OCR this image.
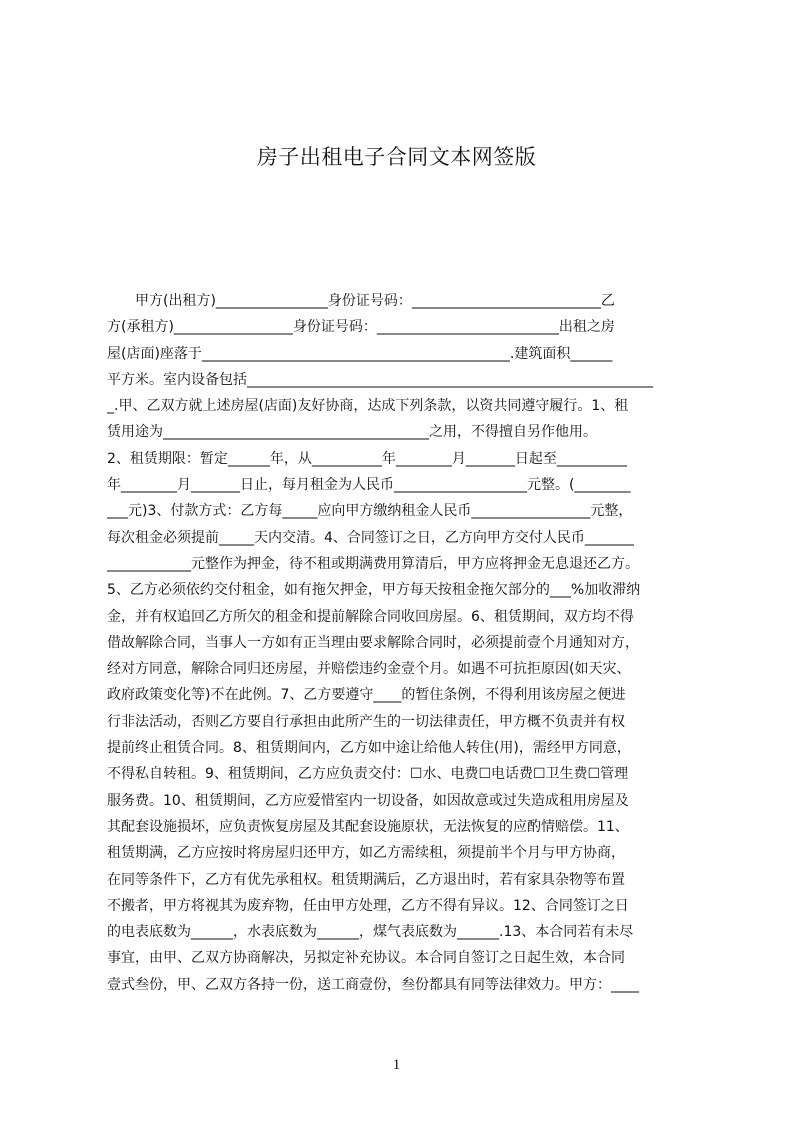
房子出租电子合同文本网签版
　　甲方(出租方)________________身份证号码：___________________________乙
方(承租方)_________________身份证号码：__________________________出租之房
屋(店面)座落于____________________________________________.建筑面积______
平方米。室内设备包括__________________________________________________________
_.甲、乙双方就上述房屋(店面)友好协商，达成下列条款，以资共同遵守履行。1、租
赁用途为______________________________________之用，不得擅自另作他用。
2、租赁期限：暂定______年，从__________年________月_______日起至__________
年________月_______日止，每月租金为人民币___________________元整。(________
___元)3、付款方式：乙方每_____应向甲方缴纳租金人民币_________________元整，
每次租金必须提前_____天内交清。4、合同签订之日，乙方向甲方交付人民币_______
____________元整作为押金，待不租或期满费用算清后，甲方应将押金无息退还乙方。
5、乙方必须依约交付租金，如有拖欠押金，甲方每天按租金拖欠部分的___%加收滞纳
金，并有权追回乙方所欠的租金和提前解除合同收回房屋。6、租赁期间，双方均不得
借故解除合同，当事人一方如有正当理由要求解除合同时，必须提前壹个月通知对方，
经对方同意，解除合同归还房屋，并赔偿违约金壹个月。如遇不可抗拒原因(如天灾、
政府政策变化等)不在此例。7、乙方要遵守____的暂住条例，不得利用该房屋之便进
行非法活动，否则乙方要自行承担由此所产生的一切法律责任，甲方概不负责并有权
提前终止租赁合同。8、租赁期间内，乙方如中途让给他人转住(用)，需经甲方同意，
不得私自转租。9、租赁期间，乙方应负责交付：☐水、电费☐电话费☐卫生费☐管理
服务费。10、租赁期间，乙方应爱惜室内一切设备，如因故意或过失造成租用房屋及
其配套设施损坏，应负责恢复房屋及其配套设施原状，无法恢复的应酌情赔偿。11、
租赁期满，乙方应按时将房屋归还甲方，如乙方需续租，须提前半个月与甲方协商，
在同等条件下，乙方有优先承租权。租赁期满后，乙方退出时，若有家具杂物等布置
不搬者，甲方将视其为废弃物，任由甲方处理，乙方不得有异议。12、合同签订之日
的电表底数为______，水表底数为______，煤气表底数为______.13、本合同若有未尽
事宜，由甲、乙双方协商解决，另拟定补充协议。本合同自签订之日起生效，本合同
壹式叁份，甲、乙双方各持一份，送工商壹份，叁份都具有同等法律效力。甲方：____
1
